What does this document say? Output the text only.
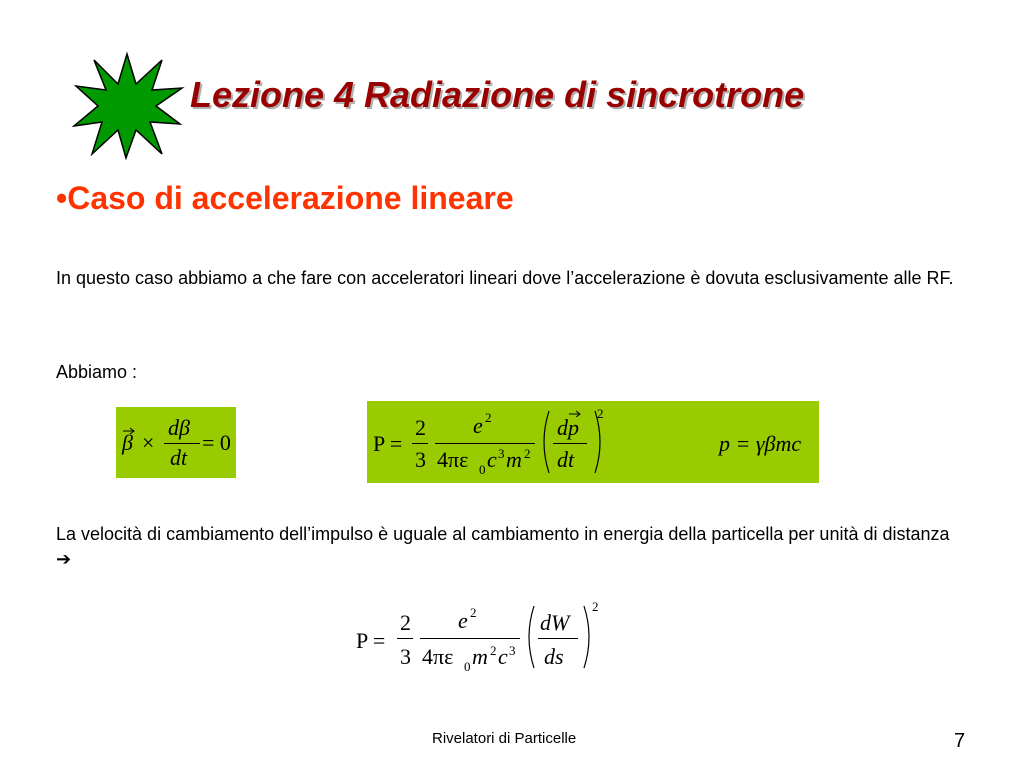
Lezione 4 Radiazione di sincrotrone
•Caso di accelerazione lineare
In questo caso abbiamo a che fare con acceleratori lineari dove l’accelerazione è dovuta esclusivamente alle RF.
Abbiamo :
β ×
dβ
dt
= 0	P =
2
3
e 2
4πε 0 c 3 m 2
dp
dt
2
p = γβmc
La velocità di cambiamento dell’impulso è uguale al cambiamento in energia della particella per unità di distanza ➔
P =
2
3
e 2
4πε 0 m 2 c 3
dW
ds
2
Rivelatori di Particelle	7
